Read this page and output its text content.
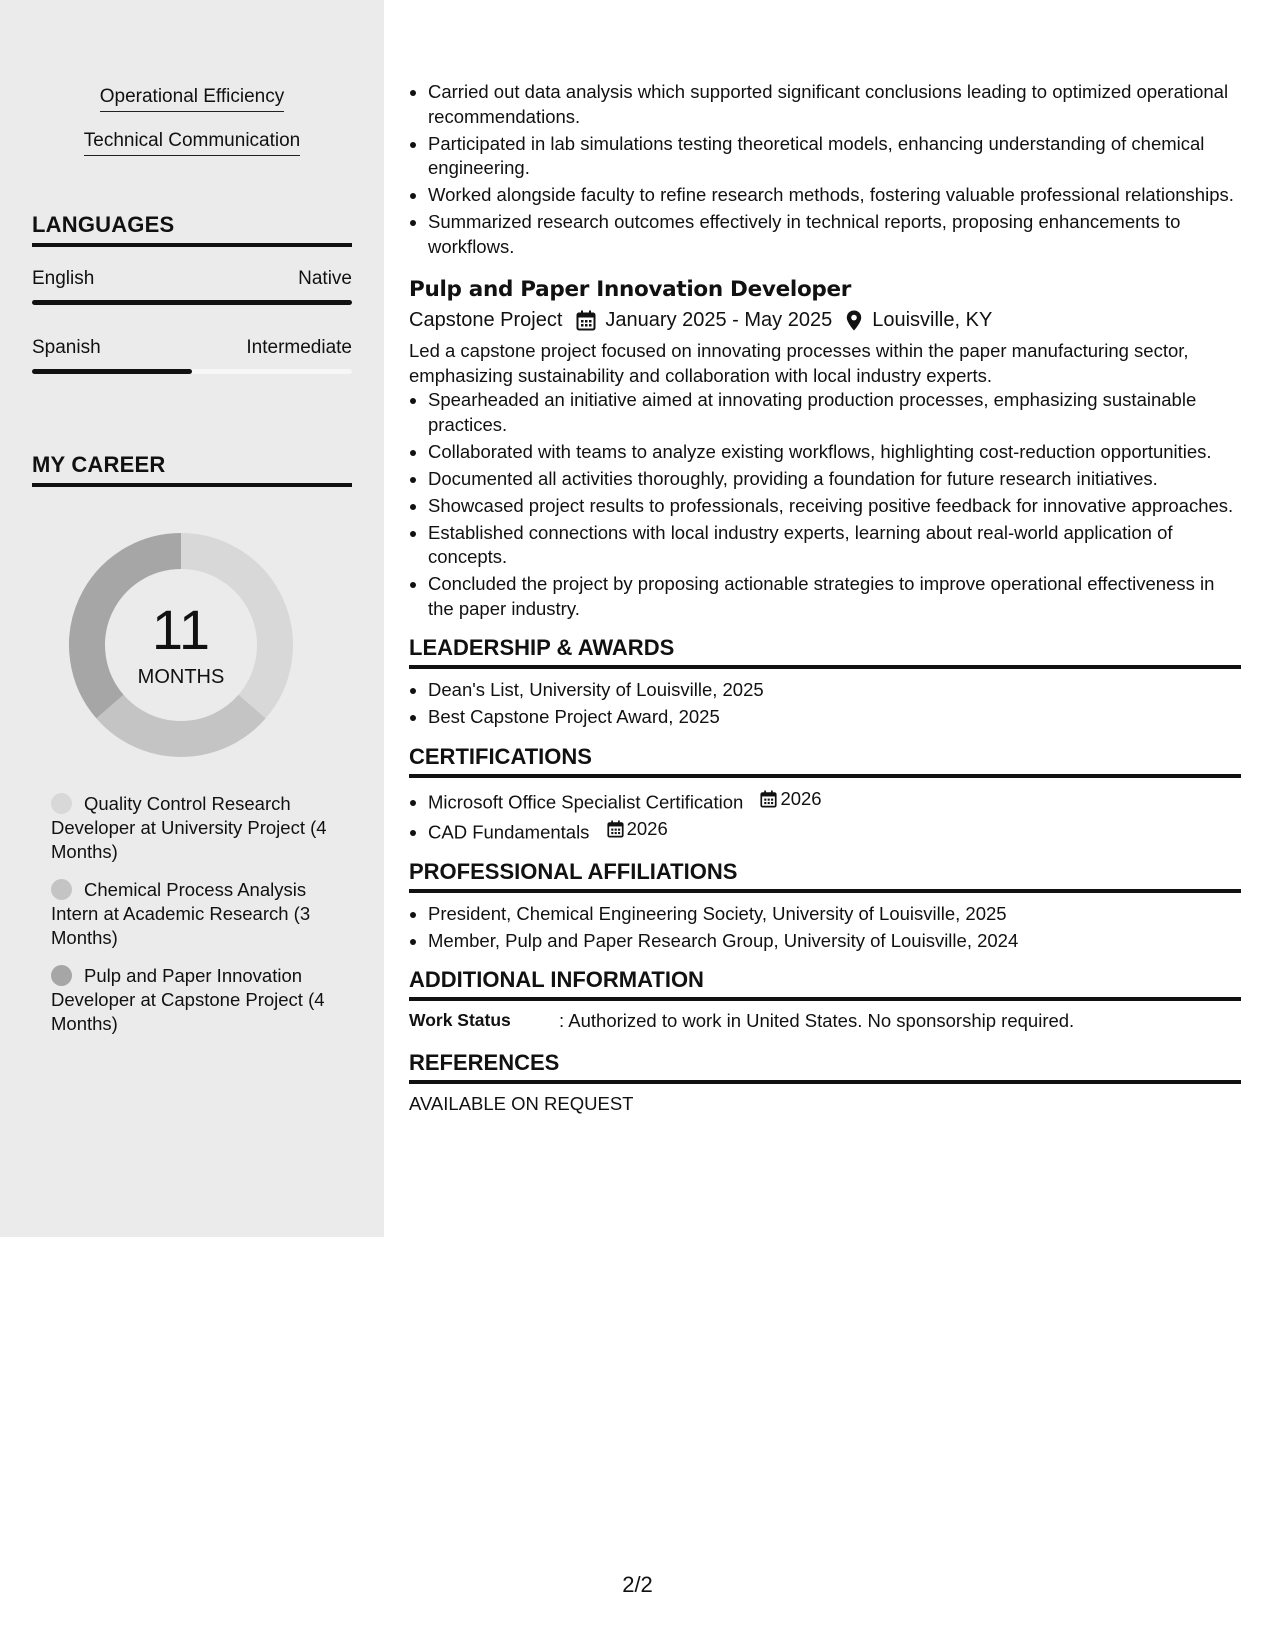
Operational Efficiency
Technical Communication
LANGUAGES
English	Native
Spanish	Intermediate
MY CAREER
11
MONTHS
Quality Control Research Developer at University Project (4 Months)
Chemical Process Analysis Intern at Academic Research (3 Months)
Pulp and Paper Innovation Developer at Capstone Project (4 Months)
• Carried out data analysis which supported significant conclusions leading to optimized operational recommendations.
• Participated in lab simulations testing theoretical models, enhancing understanding of chemical engineering.
• Worked alongside faculty to refine research methods, fostering valuable professional relationships.
• Summarized research outcomes effectively in technical reports, proposing enhancements to workflows.
Pulp and Paper Innovation Developer
Capstone Project January 2025 - May 2025 Louisville, KY
Led a capstone project focused on innovating processes within the paper manufacturing sector, emphasizing sustainability and collaboration with local industry experts.
• Spearheaded an initiative aimed at innovating production processes, emphasizing sustainable practices.
• Collaborated with teams to analyze existing workflows, highlighting cost-reduction opportunities.
• Documented all activities thoroughly, providing a foundation for future research initiatives.
• Showcased project results to professionals, receiving positive feedback for innovative approaches.
• Established connections with local industry experts, learning about real-world application of concepts.
• Concluded the project by proposing actionable strategies to improve operational effectiveness in the paper industry.
LEADERSHIP & AWARDS
• Dean's List, University of Louisville, 2025
• Best Capstone Project Award, 2025
CERTIFICATIONS
• Microsoft Office Specialist Certification 2026
• CAD Fundamentals 2026
PROFESSIONAL AFFILIATIONS
• President, Chemical Engineering Society, University of Louisville, 2025
• Member, Pulp and Paper Research Group, University of Louisville, 2024
ADDITIONAL INFORMATION
Work Status	: Authorized to work in United States. No sponsorship required.
REFERENCES
AVAILABLE ON REQUEST
2/2
